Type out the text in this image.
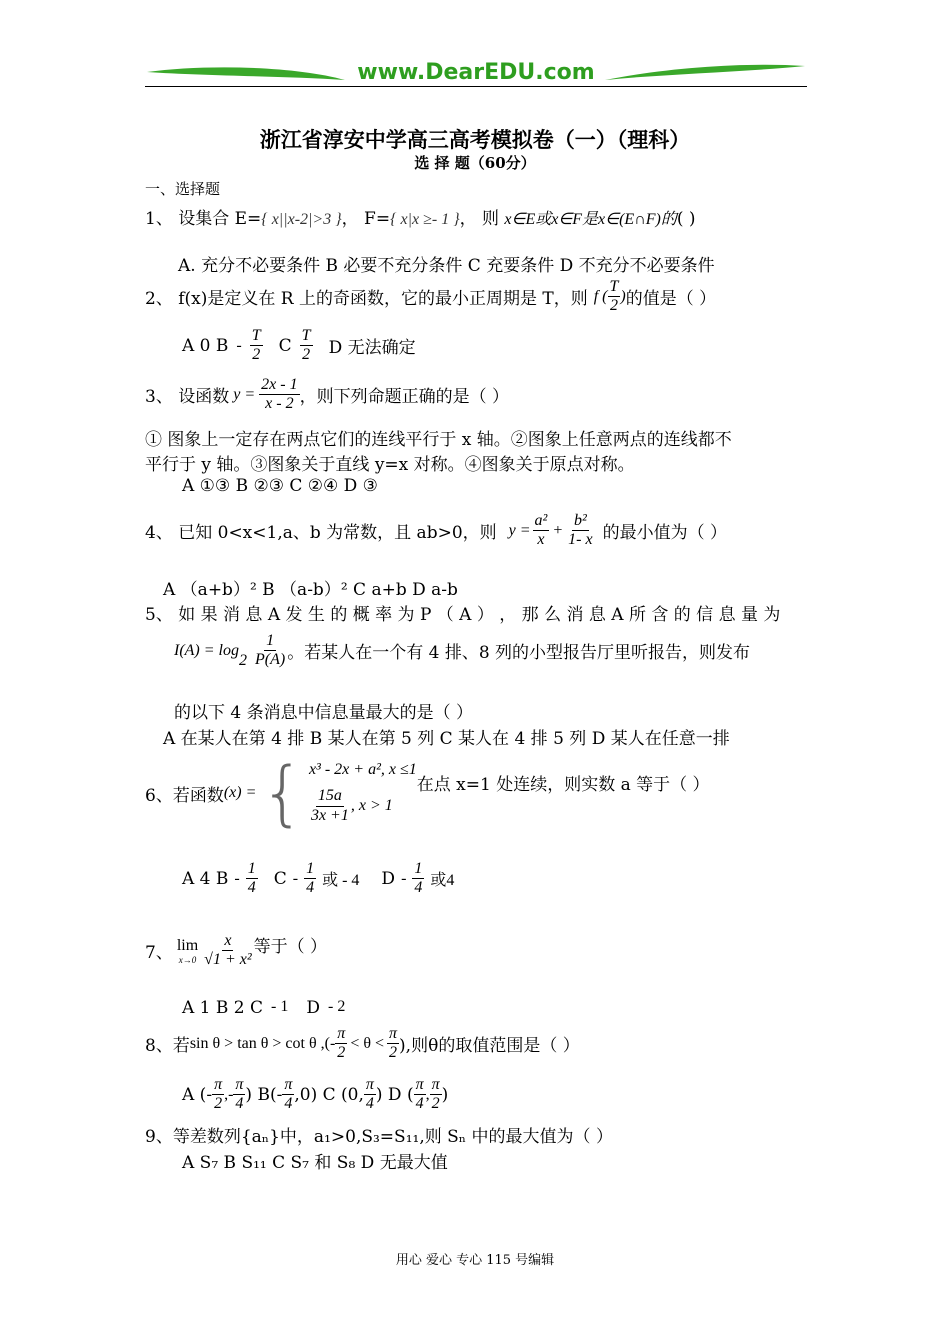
www.DearEDU.com
浙江省淳安中学高三高考模拟卷（一）（理科）
选 择 题（60分）
一、选择题
1、 设集合 E={ x||x-2|>3 }， F={ x|x ≥- 1 }， 则 x∈E或x∈F是x∈(E∩F)的( )
A. 充分不必要条件 B 必要不充分条件 C 充要条件 D 不充分不必要条件
2、 f(x)是定义在 R 上的奇函数，它的最小正周期是 T，则 f ( $\frac{T}{2}$ ) 的值是（ ）
A 0 B - $\frac{T}{2}$ C $\frac{T}{2}$ D 无法确定
3、 设函数 $y = \frac{2x - 1}{x - 2}$ ，则下列命题正确的是（ ）
① 图象上一定存在两点它们的连线平行于 x 轴。②图象上任意两点的连线都不
平行于 y 轴。③图象关于直线 y=x 对称。④图象关于原点对称。
A ①③ B ②③ C ②④ D ③
4、 已知 0<x<1,a、b 为常数，且 ab>0，则 $y = \frac{\text{a²}}{x} + \frac{\text{b²}}{1- x}$ 的最小值为（ ）
A （a+b）² B （a-b）² C a+b D a-b
5、 如 果 消 息 A 发 生 的 概 率 为 P （ A ） ， 那 么 消 息 A 所 含 的 信 息 量 为
I(A) = log
$2 \frac{1}{P(A)}$ 。若某人在一个有 4 排、8 列的小型报告厅里听报告，则发布
的以下 4 条消息中信息量最大的是（ ）
A 在某人在第 4 排 B 某人在第 5 列 C 某人在 4 排 5 列 D 某人在任意一排
6、若函数 (x) = { x³ - 2x + a², x ≤1
$\frac{15a}{3x +1}$ , x > 1
在点 x=1 处连续，则实数 a 等于（ ）
A 4 B - $\frac{1}{4}$ C - $\frac{1}{4}$ 或 - 4 D - $\frac{1}{4}$ 或4
7、 lim
$x\to 0 \frac{x}{\text{√1 + x²}}$ 等于（ ）
A 1 B 2 C - 1 D - 2
8、若 sin θ > tan θ > cot θ ,(- $\frac{\pi}{2} < \theta < \frac{\pi}{2}$ ),则θ的取值范围是（ ）
A (- $\frac{\pi}{2}$ ,- $\frac{\pi}{4}$ ) $B(- \frac{\pi}{4} ,0)$ C (0, $\frac{\pi}{4}$ ) D ( $\frac{\pi}{4}$ , $\frac{\pi}{2}$ )
9、等差数列{aₙ}中，a₁>0,S₃=S₁₁,则 Sₙ 中的最大值为（ ）
A S₇ B S₁₁ C S₇ 和 S₈ D 无最大值
用心 爱心 专心 115 号编辑
